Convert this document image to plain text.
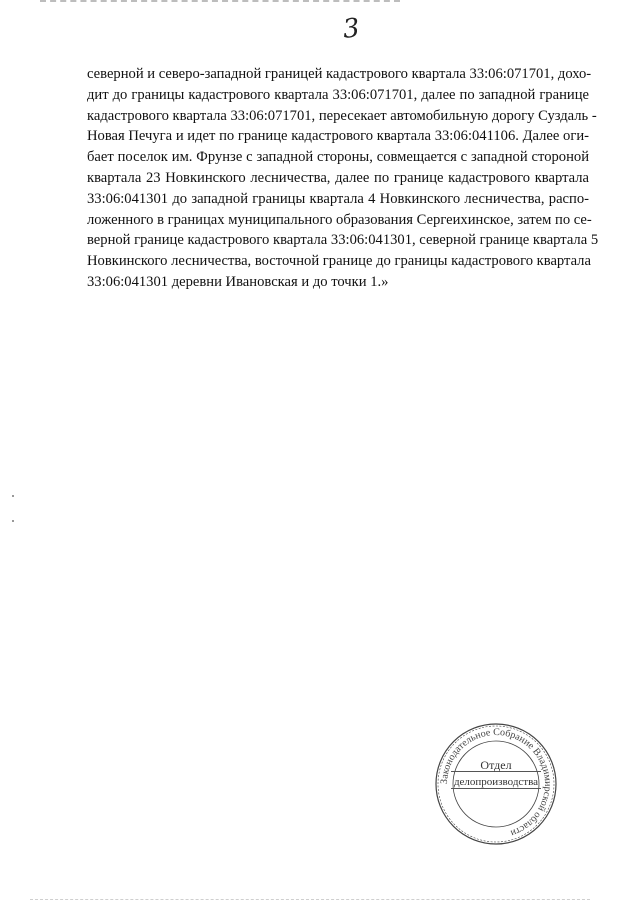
3
северной и северо-западной границей кадастрового квартала 33:06:071701, дохо-
дит до границы кадастрового квартала 33:06:071701, далее по западной границе
кадастрового квартала 33:06:071701, пересекает автомобильную дорогу Суздаль -
Новая Печуга и идет по границе кадастрового квартала 33:06:041106. Далее оги-
бает поселок им. Фрунзе с западной стороны, совмещается с западной стороной
квартала 23 Новкинского лесничества, далее по границе кадастрового квартала
33:06:041301 до западной границы квартала 4 Новкинского лесничества, распо-
ложенного в границах муниципального образования Сергеихинское, затем по се-
верной границе кадастрового квартала 33:06:041301, северной границе квартала 5
Новкинского лесничества, восточной границе до границы кадастрового квартала
33:06:041301 деревни Ивановская и до точки 1.»
Законодательное Собрание Владимирской области
Отдел
делопроизводства
